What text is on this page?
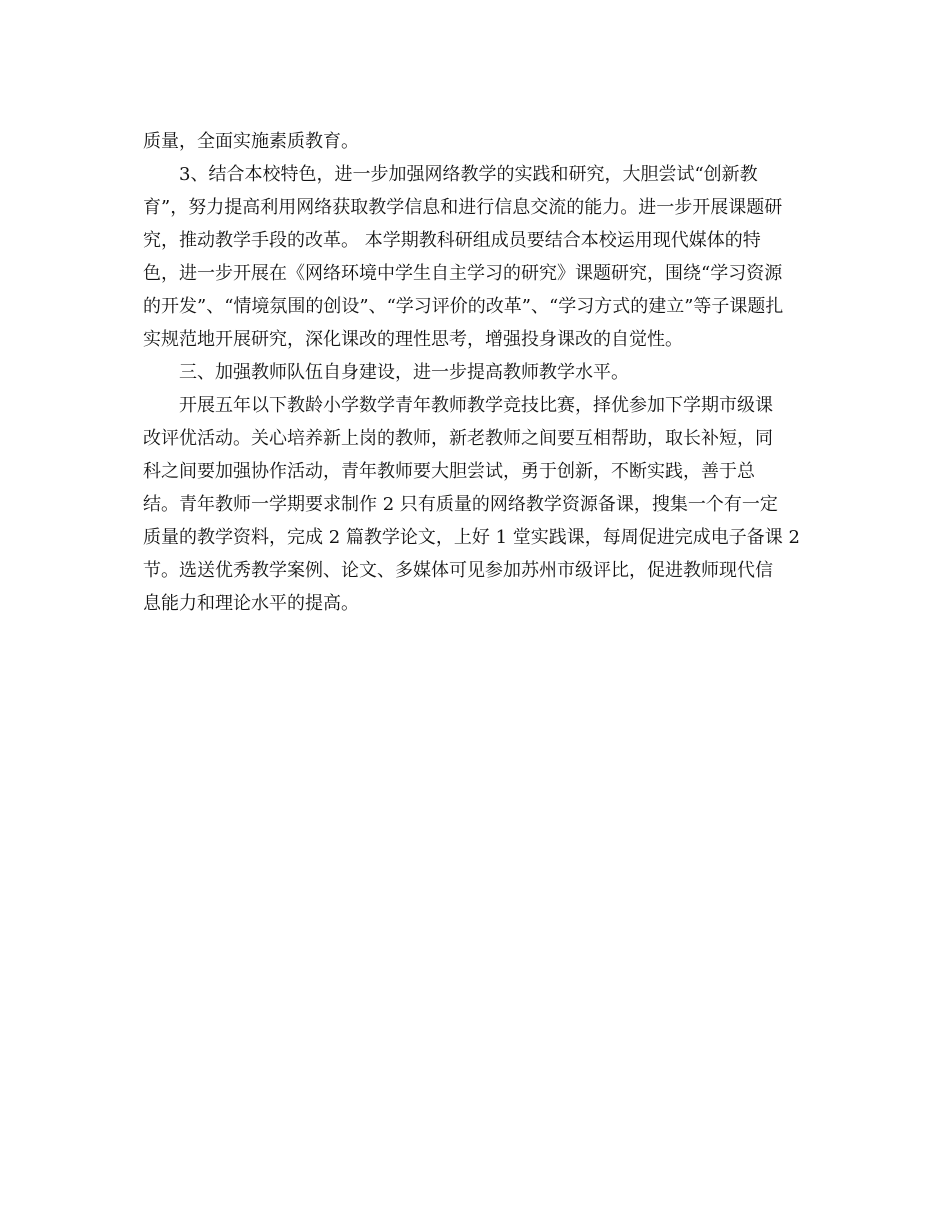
质量，全面实施素质教育。
3、结合本校特色，进一步加强网络教学的实践和研究，大胆尝试“创新教
育”，努力提高利用网络获取教学信息和进行信息交流的能力。进一步开展课题研
究，推动教学手段的改革。 本学期教科研组成员要结合本校运用现代媒体的特
色，进一步开展在《网络环境中学生自主学习的研究》课题研究，围绕“学习资源
的开发”、“情境氛围的创设”、“学习评价的改革”、“学习方式的建立”等子课题扎
实规范地开展研究，深化课改的理性思考，增强投身课改的自觉性。
三、加强教师队伍自身建设，进一步提高教师教学水平。
开展五年以下教龄小学数学青年教师教学竞技比赛，择优参加下学期市级课
改评优活动。关心培养新上岗的教师，新老教师之间要互相帮助，取长补短，同
科之间要加强协作活动，青年教师要大胆尝试，勇于创新，不断实践，善于总
结。青年教师一学期要求制作 2 只有质量的网络教学资源备课，搜集一个有一定
质量的教学资料，完成 2 篇教学论文，上好 1 堂实践课，每周促进完成电子备课 2
节。选送优秀教学案例、论文、多媒体可见参加苏州市级评比，促进教师现代信
息能力和理论水平的提高。
